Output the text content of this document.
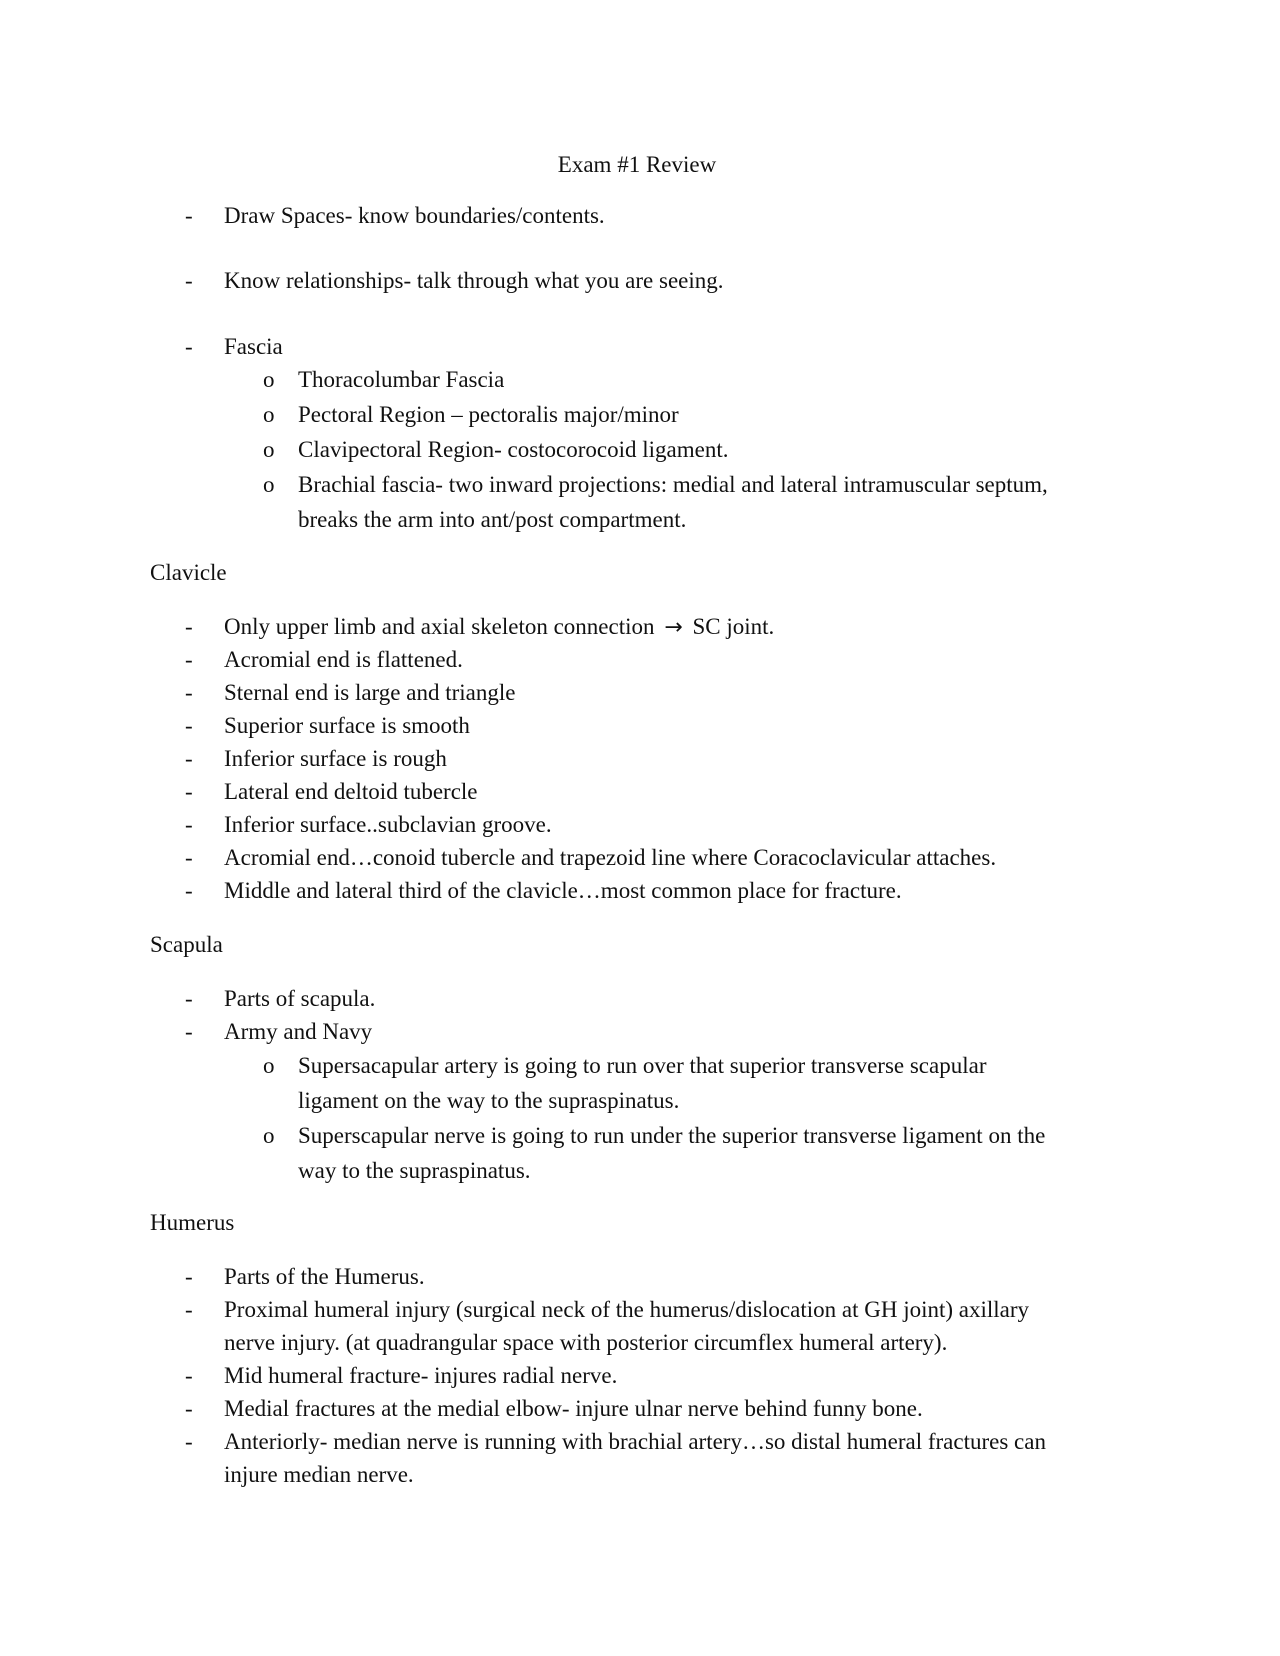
Exam #1 Review
- Draw Spaces- know boundaries/contents.
- Know relationships- talk through what you are seeing.
- Fascia
o Thoracolumbar Fascia
o Pectoral Region – pectoralis major/minor
o Clavipectoral Region- costocorocoid ligament.
o Brachial fascia- two inward projections: medial and lateral intramuscular septum,
breaks the arm into ant/post compartment.
Clavicle
- Only upper limb and axial skeleton connection → SC joint.
- Acromial end is flattened.
- Sternal end is large and triangle
- Superior surface is smooth
- Inferior surface is rough
- Lateral end deltoid tubercle
- Inferior surface..subclavian groove.
- Acromial end…conoid tubercle and trapezoid line where Coracoclavicular attaches.
- Middle and lateral third of the clavicle…most common place for fracture.
Scapula
- Parts of scapula.
- Army and Navy
o Supersacapular artery is going to run over that superior transverse scapular
ligament on the way to the supraspinatus.
o Superscapular nerve is going to run under the superior transverse ligament on the
way to the supraspinatus.
Humerus
- Parts of the Humerus.
- Proximal humeral injury (surgical neck of the humerus/dislocation at GH joint) axillary
nerve injury. (at quadrangular space with posterior circumflex humeral artery).
- Mid humeral fracture- injures radial nerve.
- Medial fractures at the medial elbow- injure ulnar nerve behind funny bone.
- Anteriorly- median nerve is running with brachial artery…so distal humeral fractures can
injure median nerve.
